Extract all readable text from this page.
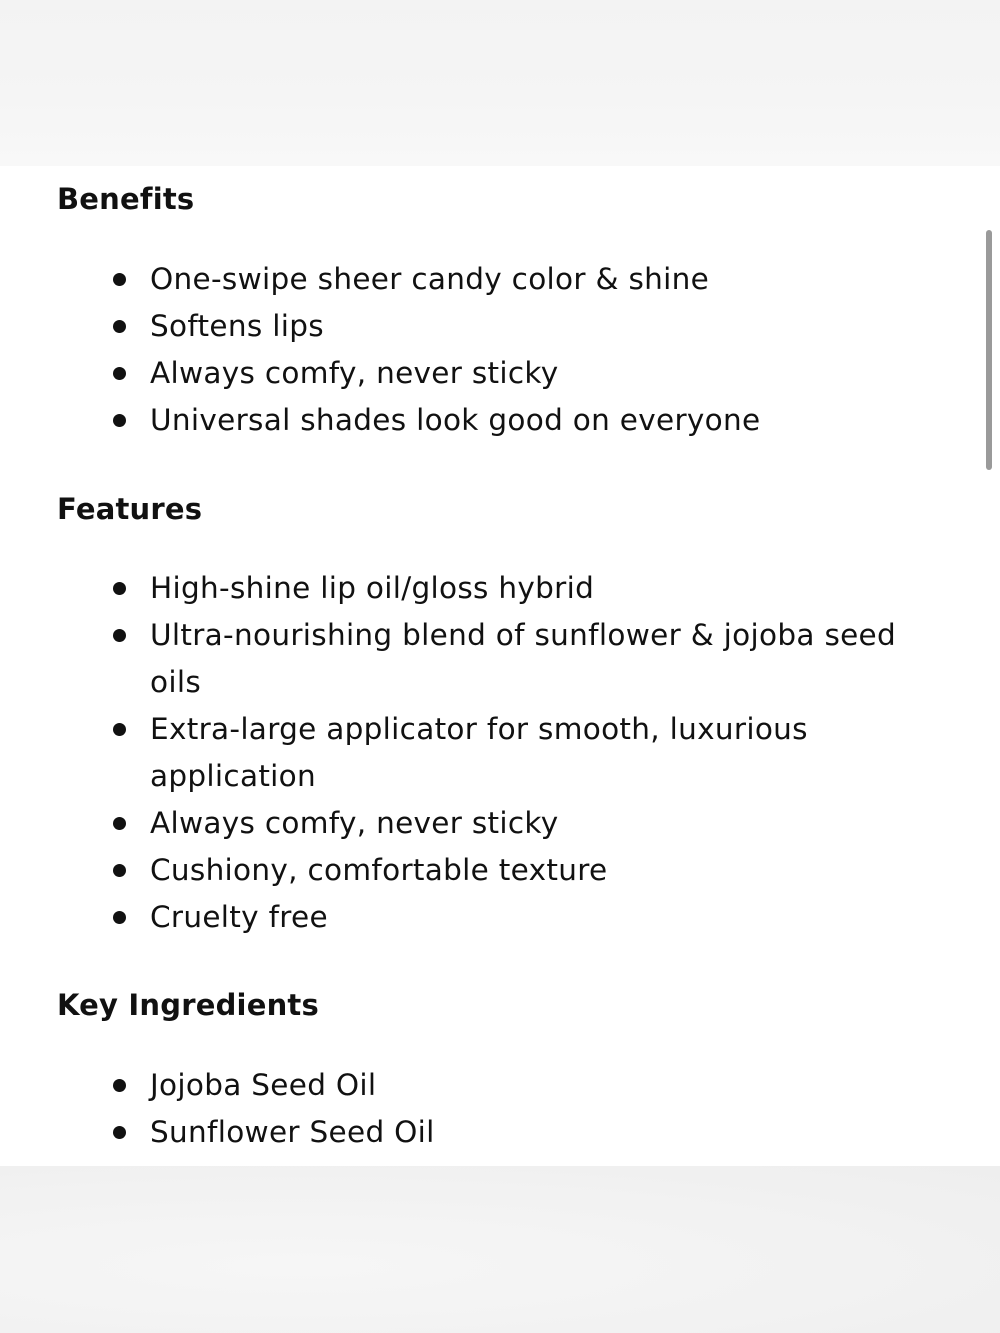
Benefits
One-swipe sheer candy color & shine
Softens lips
Always comfy, never sticky
Universal shades look good on everyone
Features
High-shine lip oil/gloss hybrid
Ultra-nourishing blend of sunflower & jojoba seed oils
Extra-large applicator for smooth, luxurious application
Always comfy, never sticky
Cushiony, comfortable texture
Cruelty free
Key Ingredients
Jojoba Seed Oil
Sunflower Seed Oil
